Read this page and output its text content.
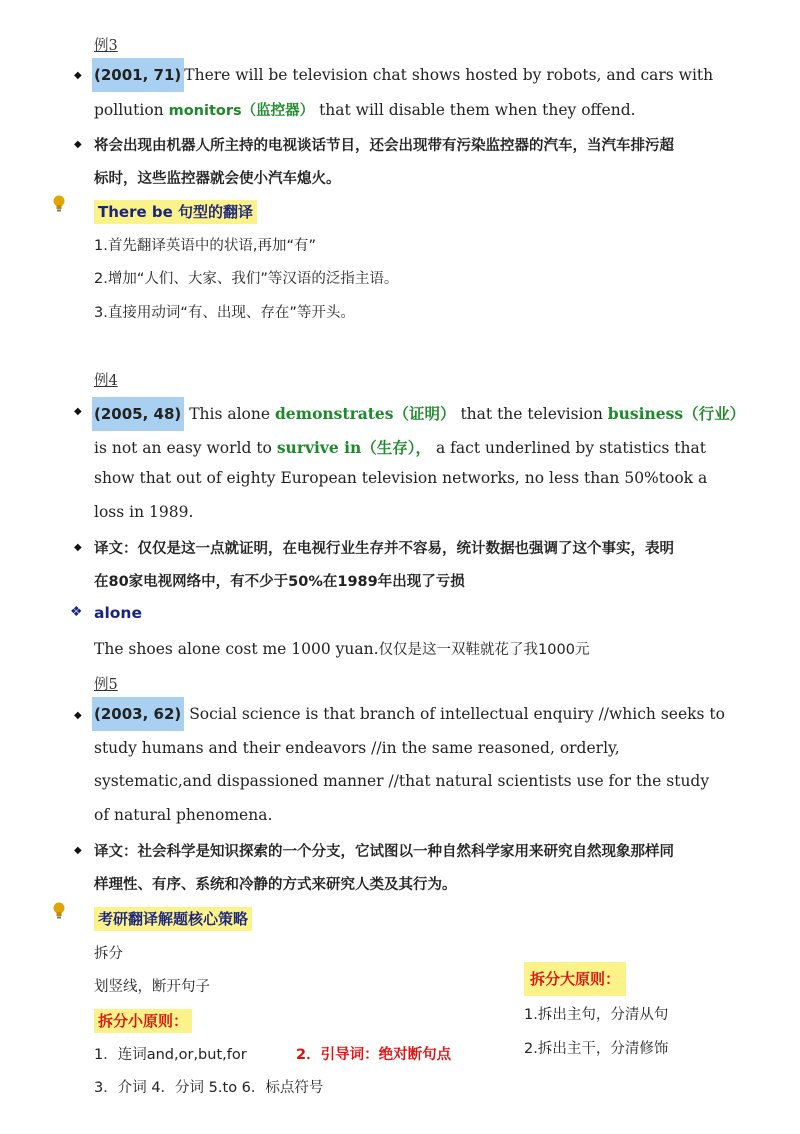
例3
◆ (2001, 71) There will be television chat shows hosted by robots, and cars with
pollution monitors（监控器） that will disable them when they offend.
◆ 将会出现由机器人所主持的电视谈话节目，还会出现带有污染监控器的汽车，当汽车排污超
标时，这些监控器就会使小汽车熄火。
There be 句型的翻译
1.首先翻译英语中的状语,再加“有”
2.增加“人们、大家、我们”等汉语的泛指主语。
3.直接用动词“有、出现、存在”等开头。
例4
◆ (2005, 48) This alone demonstrates（证明） that the television business（行业）
is not an easy world to survive in（生存）， a fact underlined by statistics that
show that out of eighty European television networks, no less than 50%took a
loss in 1989.
◆ 译文：仅仅是这一点就证明，在电视行业生存并不容易，统计数据也强调了这个事实，表明
在80家电视网络中，有不少于50%在1989年出现了亏损
❖ alone
The shoes alone cost me 1000 yuan.仅仅是这一双鞋就花了我1000元
例5
◆ (2003, 62) Social science is that branch of intellectual enquiry //which seeks to
study humans and their endeavors //in the same reasoned, orderly,
systematic,and dispassioned manner //that natural scientists use for the study
of natural phenomena.
◆ 译文：社会科学是知识探索的一个分支，它试图以一种自然科学家用来研究自然现象那样同
样理性、有序、系统和冷静的方式来研究人类及其行为。
考研翻译解题核心策略
拆分
划竖线，断开句子
拆分小原则：
1．连词and,or,but,for	2．引导词：绝对断句点
3．介词 4．分词 5.to 6．标点符号
拆分大原则：
1.拆出主句，分清从句
2.拆出主干，分清修饰
